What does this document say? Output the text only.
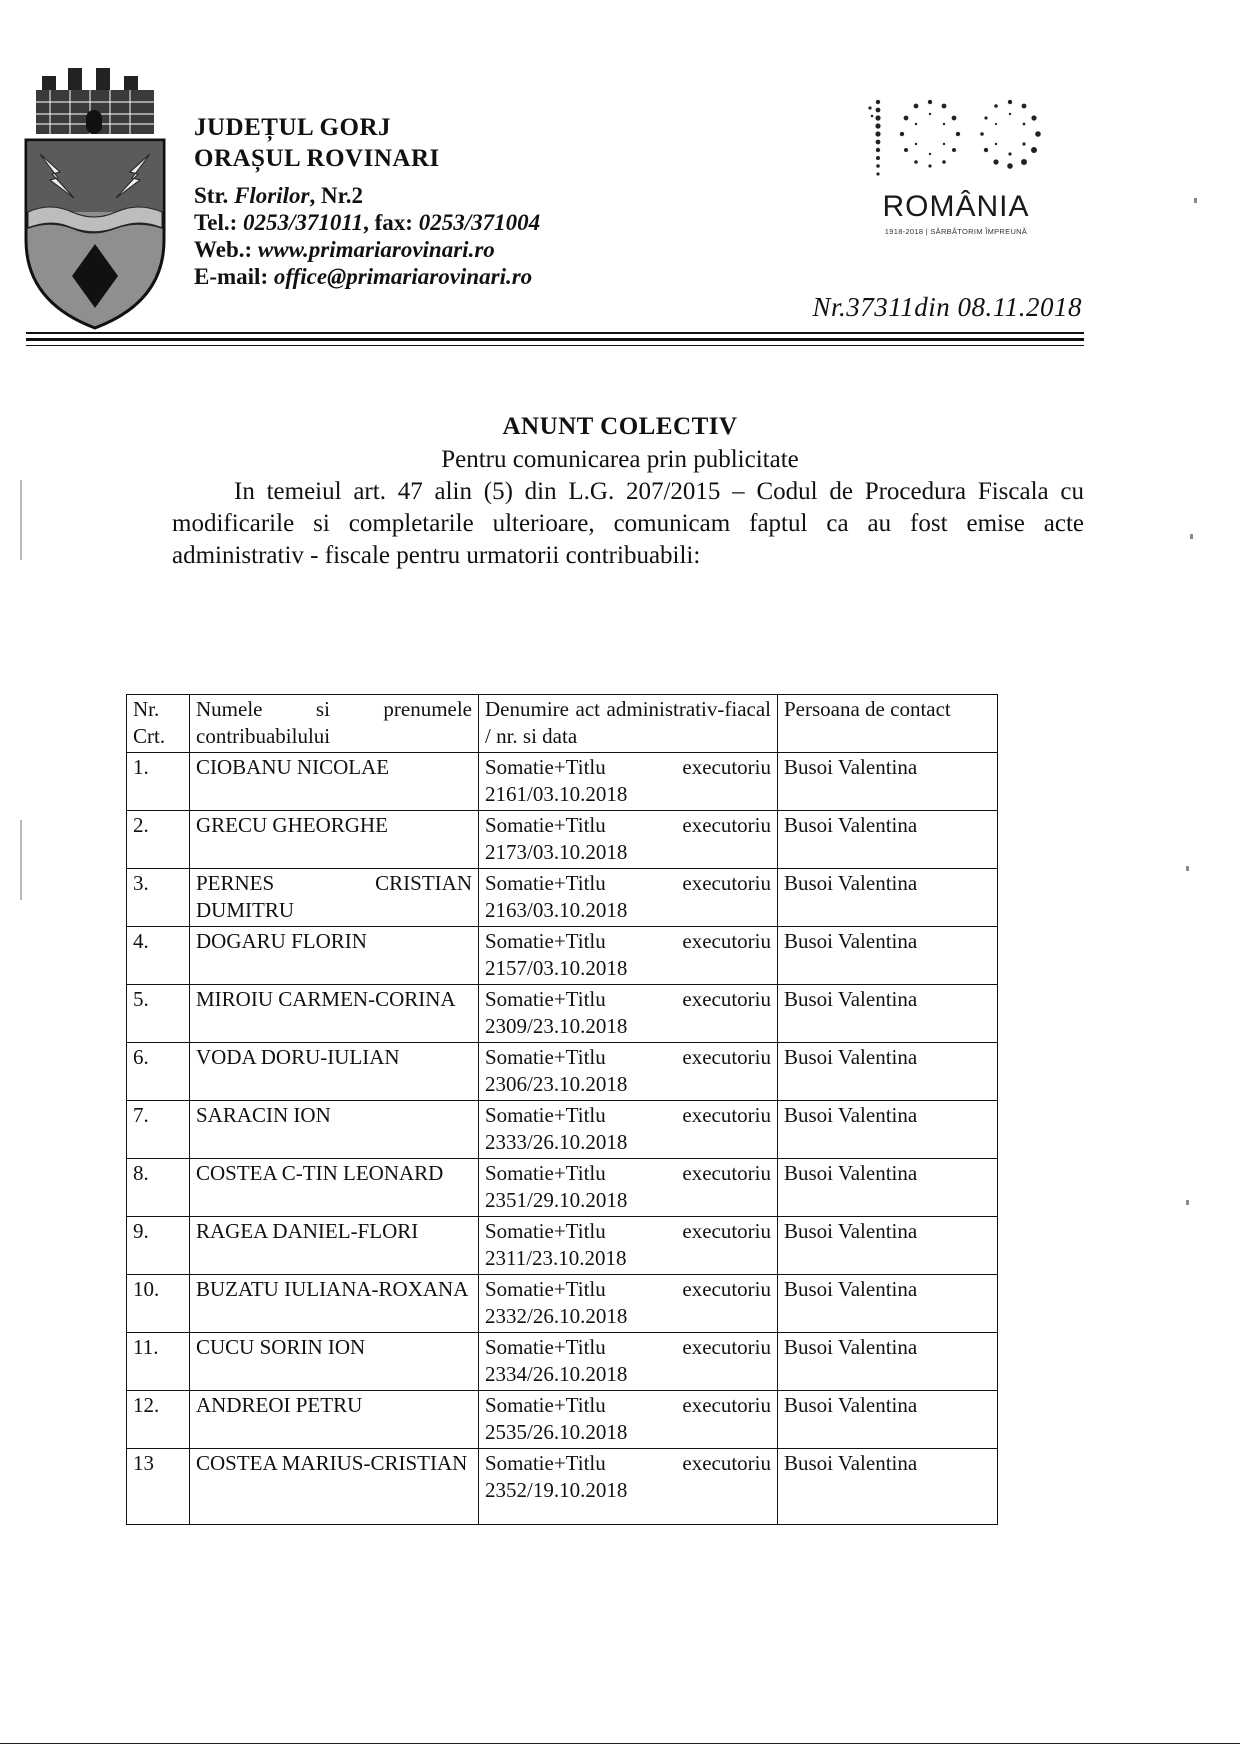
JUDEȚUL GORJ

ORAȘUL ROVINARI

Str. Florilor, Nr.2

Tel.: 0253/371011, fax: 0253/371004

Web.: www.primariarovinari.ro

E-mail: office@primariarovinari.ro

ROMÂNIA
1918-2018 | SĂRBĂTORIM ÎMPREUNĂ
Nr.37311din 08.11.2018
ANUNT COLECTIV
Pentru comunicarea prin publicitate

In temeiul art. 47 alin (5) din L.G. 207/2015 – Codul de Procedura Fiscala cu modificarile si completarile ulterioare, comunicam faptul ca au fost emise acte administrativ - fiscale pentru urmatorii contribuabili:

Nr. Crt.	Numele si prenumele contribuabilului	Denumire act administrativ-fiacal / nr. si data	Persoana de contact
1.	CIOBANU NICOLAE	Somatie+Titlu executoriu 2161/03.10.2018	Busoi Valentina
2.	GRECU GHEORGHE	Somatie+Titlu executoriu 2173/03.10.2018	Busoi Valentina
3.	PERNES CRISTIAN DUMITRU	Somatie+Titlu executoriu 2163/03.10.2018	Busoi Valentina
4.	DOGARU FLORIN	Somatie+Titlu executoriu 2157/03.10.2018	Busoi Valentina
5.	MIROIU CARMEN-CORINA	Somatie+Titlu executoriu 2309/23.10.2018	Busoi Valentina
6.	VODA DORU-IULIAN	Somatie+Titlu executoriu 2306/23.10.2018	Busoi Valentina
7.	SARACIN ION	Somatie+Titlu executoriu 2333/26.10.2018	Busoi Valentina
8.	COSTEA C-TIN LEONARD	Somatie+Titlu executoriu 2351/29.10.2018	Busoi Valentina
9.	RAGEA DANIEL-FLORI	Somatie+Titlu executoriu 2311/23.10.2018	Busoi Valentina
10.	BUZATU IULIANA-ROXANA	Somatie+Titlu executoriu 2332/26.10.2018	Busoi Valentina
11.	CUCU SORIN ION	Somatie+Titlu executoriu 2334/26.10.2018	Busoi Valentina
12.	ANDREOI PETRU	Somatie+Titlu executoriu 2535/26.10.2018	Busoi Valentina
13	COSTEA MARIUS-CRISTIAN	Somatie+Titlu executoriu 2352/19.10.2018	Busoi Valentina
